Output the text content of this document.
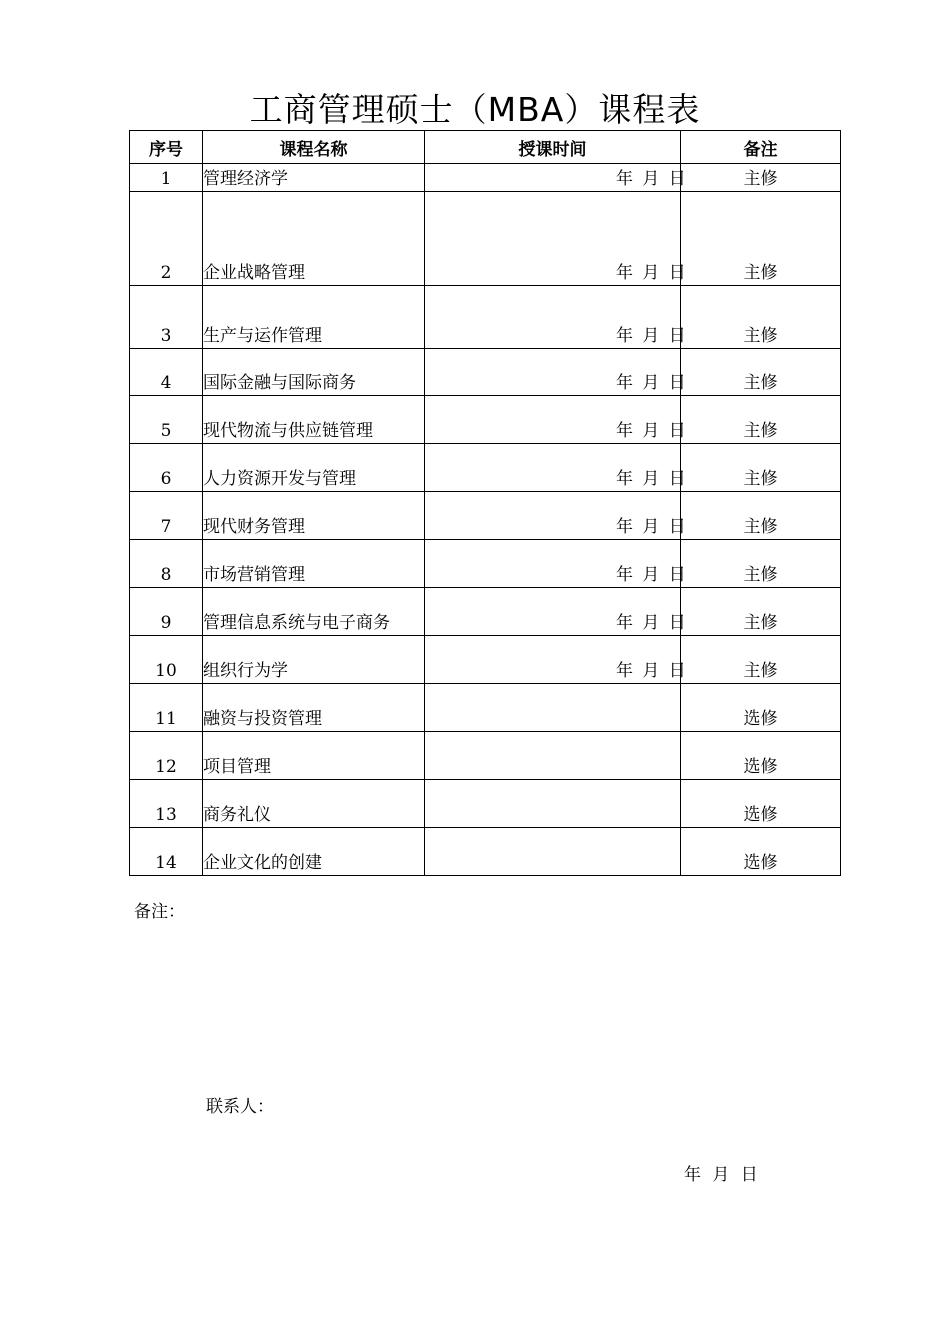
工商管理硕士（MBA）课程表
序号	课程名称	授课时间	备注
1	管理经济学	年 月 日	主修
2	企业战略管理	年 月 日	主修
3	生产与运作管理	年 月 日	主修
4	国际金融与国际商务	年 月 日	主修
5	现代物流与供应链管理	年 月 日	主修
6	人力资源开发与管理	年 月 日	主修
7	现代财务管理	年 月 日	主修
8	市场营销管理	年 月 日	主修
9	管理信息系统与电子商务	年 月 日	主修
10	组织行为学	年 月 日	主修
11	融资与投资管理		选修
12	项目管理		选修
13	商务礼仪		选修
14	企业文化的创建		选修
备注：
联系人：
年 月 日
